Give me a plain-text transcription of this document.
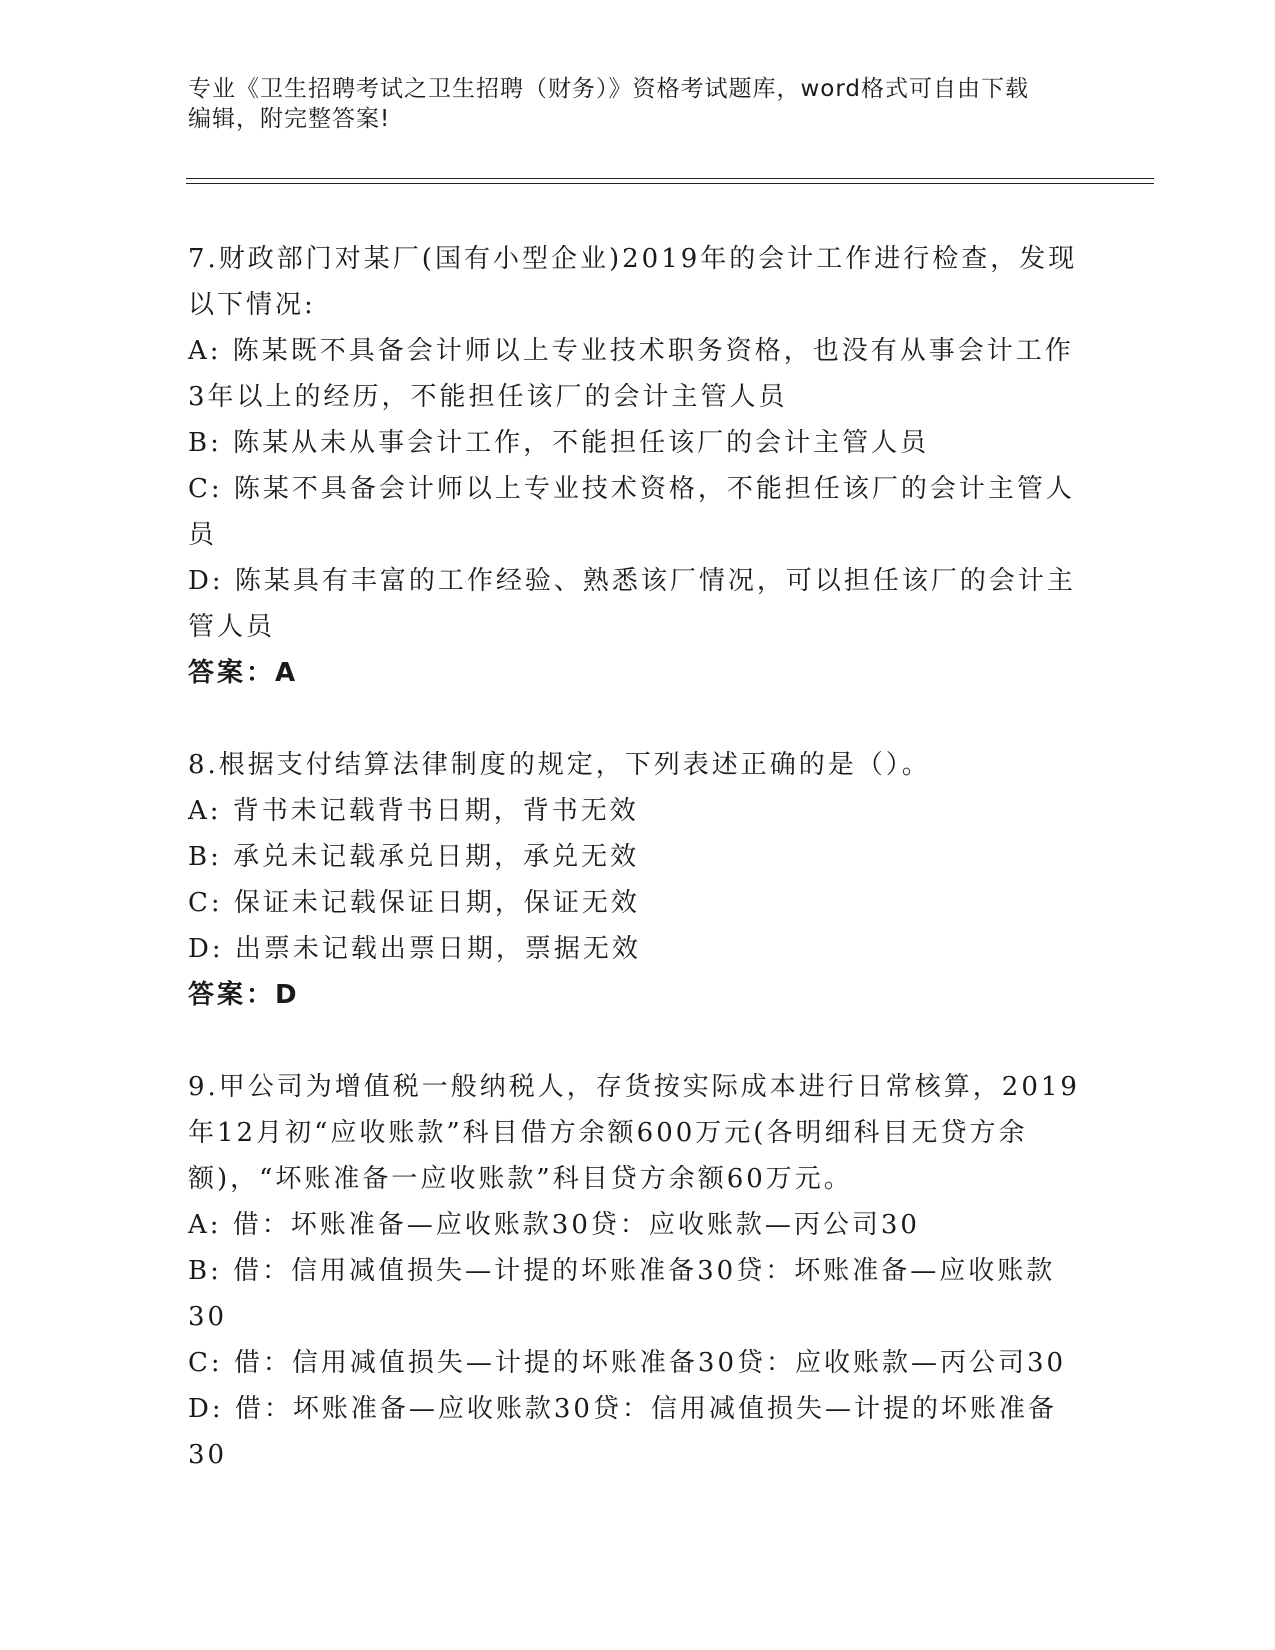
专业《卫生招聘考试之卫生招聘（财务）》资格考试题库，word格式可自由下载
编辑，附完整答案!

7.财政部门对某厂(国有小型企业)2019年的会计工作进行检查，发现

以下情况:

A: 陈某既不具备会计师以上专业技术职务资格，也没有从事会计工作

3年以上的经历，不能担任该厂的会计主管人员

B: 陈某从未从事会计工作，不能担任该厂的会计主管人员

C: 陈某不具备会计师以上专业技术资格，不能担任该厂的会计主管人

员

D: 陈某具有丰富的工作经验、熟悉该厂情况，可以担任该厂的会计主

管人员

答案：A

8.根据支付结算法律制度的规定，下列表述正确的是（）。

A: 背书未记载背书日期，背书无效

B: 承兑未记载承兑日期，承兑无效

C: 保证未记载保证日期，保证无效

D: 出票未记载出票日期，票据无效

答案：D

9.甲公司为增值税一般纳税人，存货按实际成本进行日常核算，2019

年12月初“应收账款”科目借方余额600万元(各明细科目无贷方余

额)，“坏账准备一应收账款”科目贷方余额60万元。

A: 借：坏账准备—应收账款30贷：应收账款—丙公司30

B: 借：信用减值损失—计提的坏账准备30贷：坏账准备—应收账款

30

C: 借：信用减值损失—计提的坏账准备30贷：应收账款—丙公司30

D: 借：坏账准备—应收账款30贷：信用减值损失—计提的坏账准备

30
